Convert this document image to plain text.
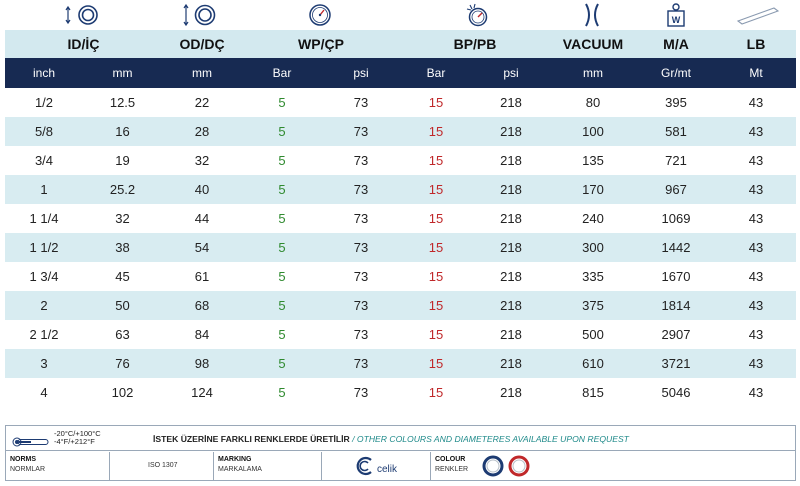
W
ID/İÇ	OD/DÇ	WP/ÇP	BP/PB	VACUUM	M/A	LB
inch	mm	mm	Bar	psi	Bar	psi	mm	Gr/mt	Mt
1/2	12.5	22	5	73	15	218	80	395	43
5/8	16	28	5	73	15	218	100	581	43
3/4	19	32	5	73	15	218	135	721	43
1	25.2	40	5	73	15	218	170	967	43
1 1/4	32	44	5	73	15	218	240	1069	43
1 1/2	38	54	5	73	15	218	300	1442	43
1 3/4	45	61	5	73	15	218	335	1670	43
2	50	68	5	73	15	218	375	1814	43
2 1/2	63	84	5	73	15	218	500	2907	43
3	76	98	5	73	15	218	610	3721	43
4	102	124	5	73	15	218	815	5046	43
-20°C/+100°C
-4°F/+212°F	İSTEK ÜZERİNE FARKLI RENKLERDE ÜRETİLİR / OTHER COLOURS AND DIAMETERES AVAILABLE UPON REQUEST
NORMS
NORMLAR
ISO 1307
MARKING
MARKALAMA	celik
COLOUR
RENKLER
